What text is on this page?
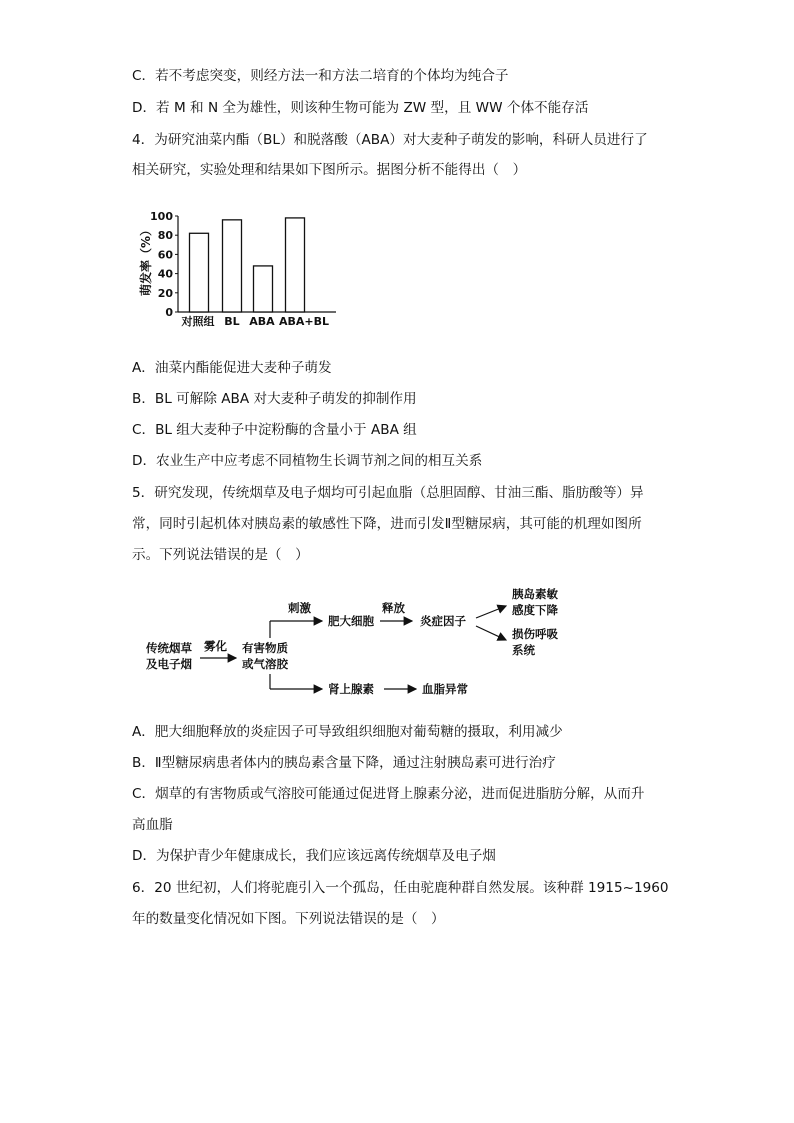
C．若不考虑突变，则经方法一和方法二培育的个体均为纯合子
D．若 M 和 N 全为雄性，则该种生物可能为 ZW 型，且 WW 个体不能存活
4．为研究油菜内酯（BL）和脱落酸（ABA）对大麦种子萌发的影响，科研人员进行了
相关研究，实验处理和结果如下图所示。据图分析不能得出（　）
萌发率（%）
0
20
40
60
80
100
对照组 BL ABA ABA+BL
A．油菜内酯能促进大麦种子萌发
B．BL 可解除 ABA 对大麦种子萌发的抑制作用
C．BL 组大麦种子中淀粉酶的含量小于 ABA 组
D．农业生产中应考虑不同植物生长调节剂之间的相互关系
5．研究发现，传统烟草及电子烟均可引起血脂（总胆固醇、甘油三酯、脂肪酸等）异
常，同时引起机体对胰岛素的敏感性下降，进而引发Ⅱ型糖尿病，其可能的机理如图所
示。下列说法错误的是（　）
传统烟草
及电子烟
雾化 有害物质
或气溶胶
刺激
肥大细胞
释放
炎症因子
胰岛素敏
感度下降
损伤呼吸
系统
肾上腺素	血脂异常
A．肥大细胞释放的炎症因子可导致组织细胞对葡萄糖的摄取，利用减少
B．Ⅱ型糖尿病患者体内的胰岛素含量下降，通过注射胰岛素可进行治疗
C．烟草的有害物质或气溶胶可能通过促进肾上腺素分泌，进而促进脂肪分解，从而升
高血脂
D．为保护青少年健康成长，我们应该远离传统烟草及电子烟
6．20 世纪初，人们将驼鹿引入一个孤岛，任由驼鹿种群自然发展。该种群 1915~1960
年的数量变化情况如下图。下列说法错误的是（　）
